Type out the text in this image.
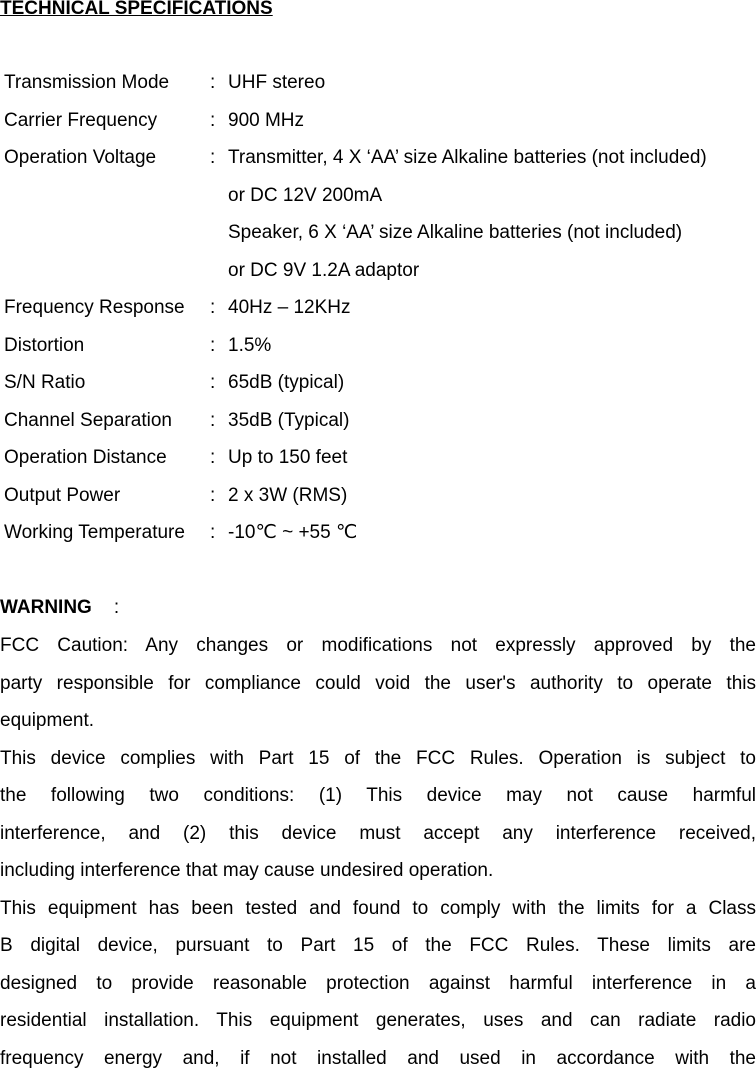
TECHNICAL SPECIFICATIONS
Transmission Mode	: UHF stereo
Carrier Frequency	: 900 MHz
Operation Voltage	: Transmitter, 4 X ‘AA’ size Alkaline batteries (not included)
or DC 12V 200mA
Speaker, 6 X ‘AA’ size Alkaline batteries (not included)
or DC 9V 1.2A adaptor
Frequency Response	: 40Hz – 12KHz
Distortion	: 1.5%
S/N Ratio	: 65dB (typical)
Channel Separation	: 35dB (Typical)
Operation Distance	: Up to 150 feet
Output Power	: 2 x 3W (RMS)
Working Temperature	: -10℃ ~ +55 ℃
WARNING :
FCC Caution: Any changes or modifications not expressly approved by the
party responsible for compliance could void the user's authority to operate this
equipment.
This device complies with Part 15 of the FCC Rules. Operation is subject to
the following two conditions: (1) This device may not cause harmful
interference, and (2) this device must accept any interference received,
including interference that may cause undesired operation.
This equipment has been tested and found to comply with the limits for a Class
B digital device, pursuant to Part 15 of the FCC Rules. These limits are
designed to provide reasonable protection against harmful interference in a
residential installation. This equipment generates, uses and can radiate radio
frequency energy and, if not installed and used in accordance with the
